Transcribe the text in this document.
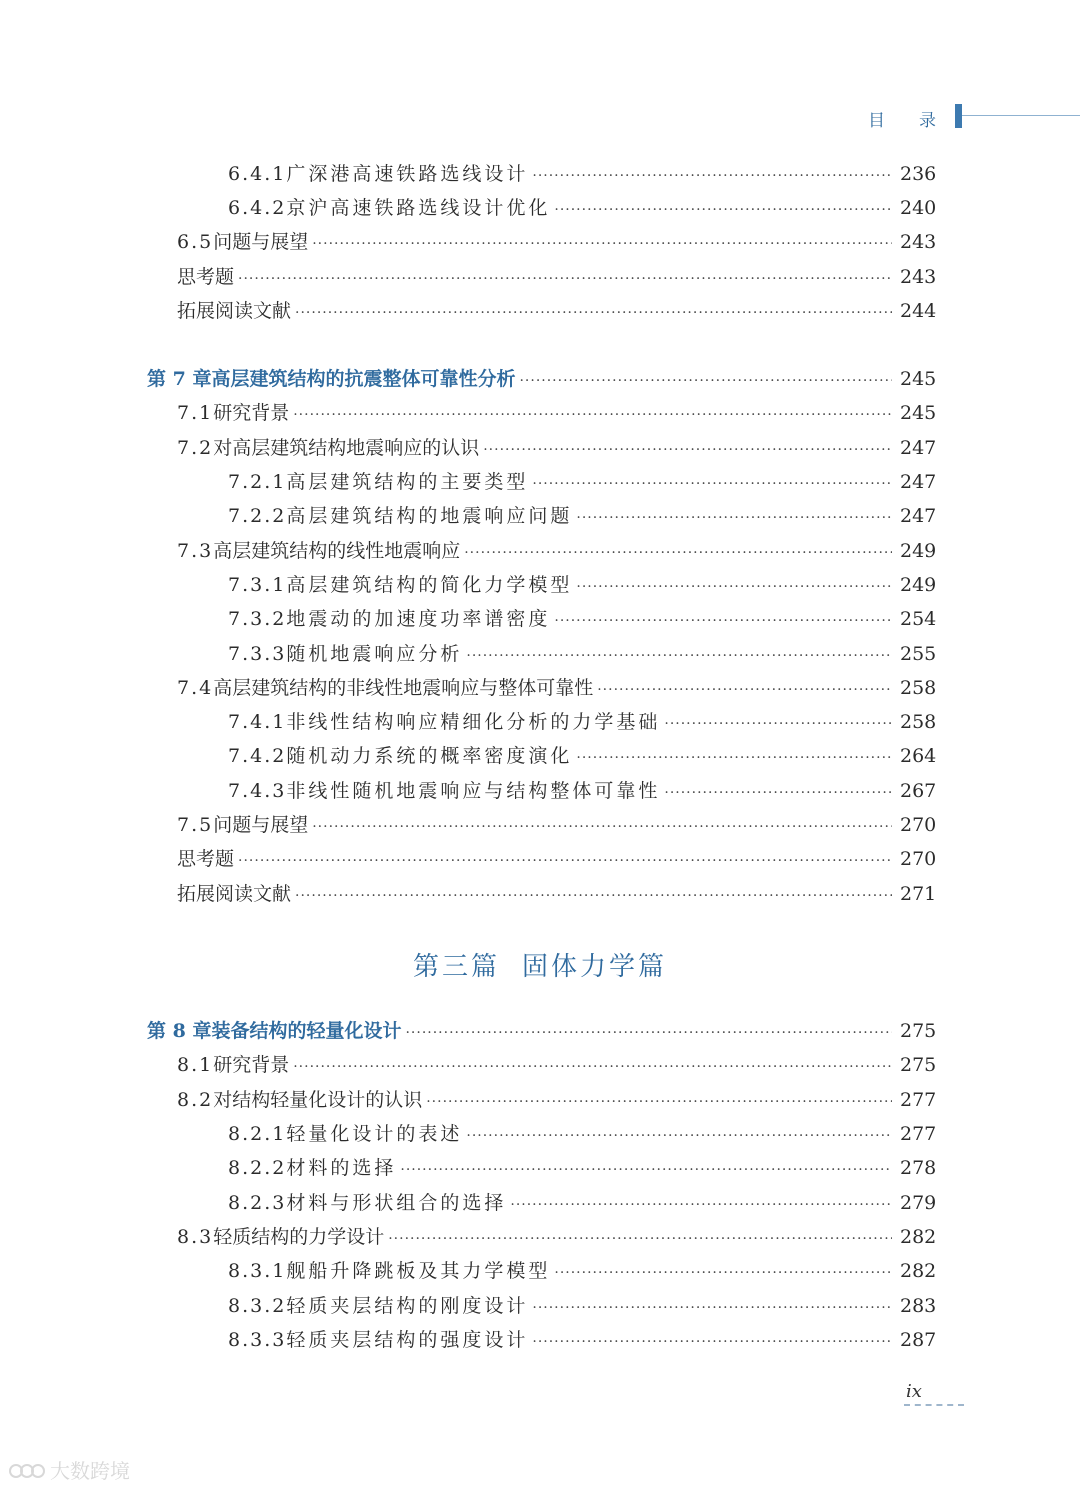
目 录
6.4.1 广深港高速铁路选线设计 ·····	236
6.4.2 京沪高速铁路选线设计优化 ·····	240
6.5 问题与展望 ·····	243
思考题 ·····	243
拓展阅读文献 ·····	244
第 7 章 高层建筑结构的抗震整体可靠性分析 ·····	245
7.1 研究背景 ·····	245
7.2 对高层建筑结构地震响应的认识 ·····	247
7.2.1 高层建筑结构的主要类型 ·····	247
7.2.2 高层建筑结构的地震响应问题 ·····	247
7.3 高层建筑结构的线性地震响应 ·····	249
7.3.1 高层建筑结构的简化力学模型 ·····	249
7.3.2 地震动的加速度功率谱密度 ·····	254
7.3.3 随机地震响应分析 ·····	255
7.4 高层建筑结构的非线性地震响应与整体可靠性 ·····	258
7.4.1 非线性结构响应精细化分析的力学基础 ·····	258
7.4.2 随机动力系统的概率密度演化 ·····	264
7.4.3 非线性随机地震响应与结构整体可靠性 ·····	267
7.5 问题与展望 ·····	270
思考题 ·····	270
拓展阅读文献 ·····	271
第 8 章 装备结构的轻量化设计 ·····	275
8.1 研究背景 ·····	275
8.2 对结构轻量化设计的认识 ·····	277
8.2.1 轻量化设计的表述 ·····	277
8.2.2 材料的选择 ·····	278
8.2.3 材料与形状组合的选择 ·····	279
8.3 轻质结构的力学设计 ·····	282
8.3.1 舰船升降跳板及其力学模型 ·····	282
8.3.2 轻质夹层结构的刚度设计 ·····	283
8.3.3 轻质夹层结构的强度设计 ·····	287
第三篇 固体力学篇
ix
大数跨境
